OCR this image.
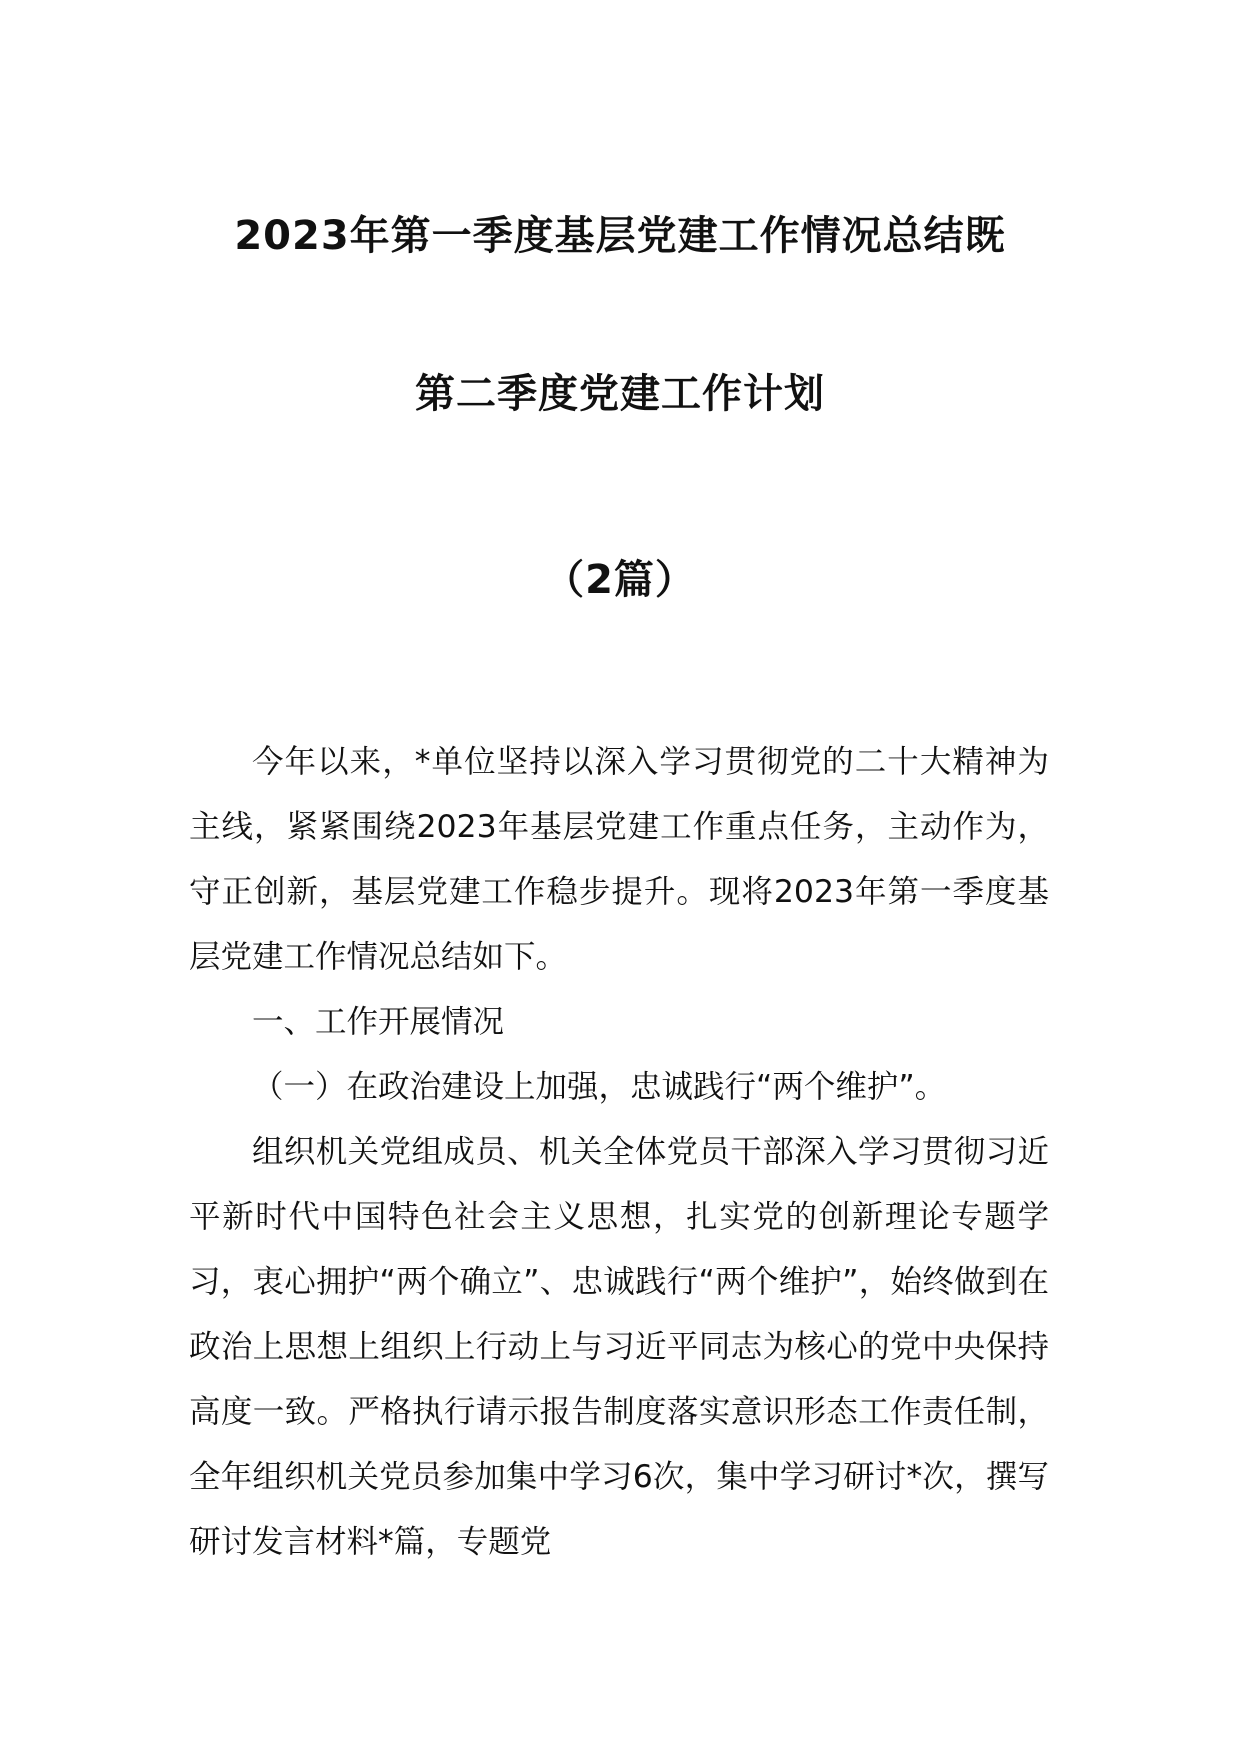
2023年第一季度基层党建工作情况总结既
第二季度党建工作计划
（2篇）

今年以来，*单位坚持以深入学习贯彻党的二十大精神为主线，紧紧围绕2023年基层党建工作重点任务，主动作为，守正创新，基层党建工作稳步提升。现将2023年第一季度基层党建工作情况总结如下。

一、工作开展情况

（一）在政治建设上加强，忠诚践行“两个维护”。

组织机关党组成员、机关全体党员干部深入学习贯彻习近平新时代中国特色社会主义思想，扎实党的创新理论专题学习，衷心拥护“两个确立”、忠诚践行“两个维护”，始终做到在政治上思想上组织上行动上与习近平同志为核心的党中央保持高度一致。严格执行请示报告制度落实意识形态工作责任制，全年组织机关党员参加集中学习6次，集中学习研讨*次，撰写研讨发言材料*篇，专题党
